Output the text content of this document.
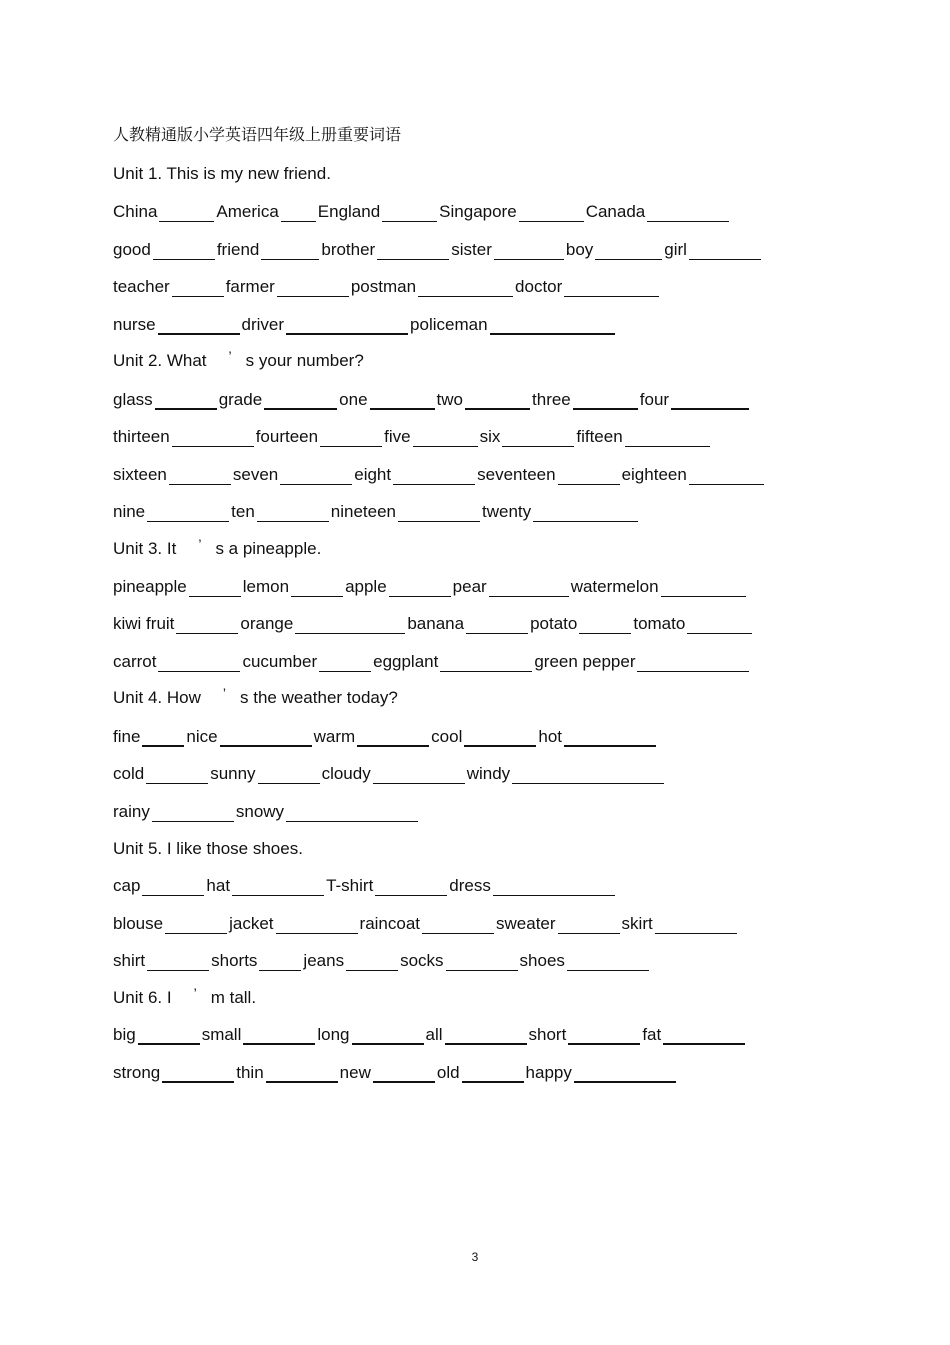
人教精通版小学英语四年级上册重要词语
Unit 1. This is my new friend.
China	America England	Singapore	Canada
good	friend	brother	sister	boy	girl
teacher	farmer	postman	doctor
nurse	driver	policeman
Unit 2. What ’ s your number?
glass	grade	one	two	three	four
thirteen	fourteen	five	six	fifteen
sixteen	seven	eight	seventeen	eighteen
nine	ten	nineteen	twenty
Unit 3. It ’ s a pineapple.
pineapple	lemon	apple	pear	watermelon
kiwi fruit	orange	banana	potato	tomato
carrot	cucumber	eggplant	green pepper
Unit 4. How ’ s the weather today?
fine	nice	warm	cool	hot
cold	sunny	cloudy	windy
rainy	snowy
Unit 5. I like those shoes.
cap	hat	T-shirt	dress
blouse	jacket	raincoat	sweater	skirt
shirt	shorts	jeans	socks	shoes
Unit 6. I ’ m tall.
big	small	long	all	short	fat
strong	thin	new	old	happy
3
